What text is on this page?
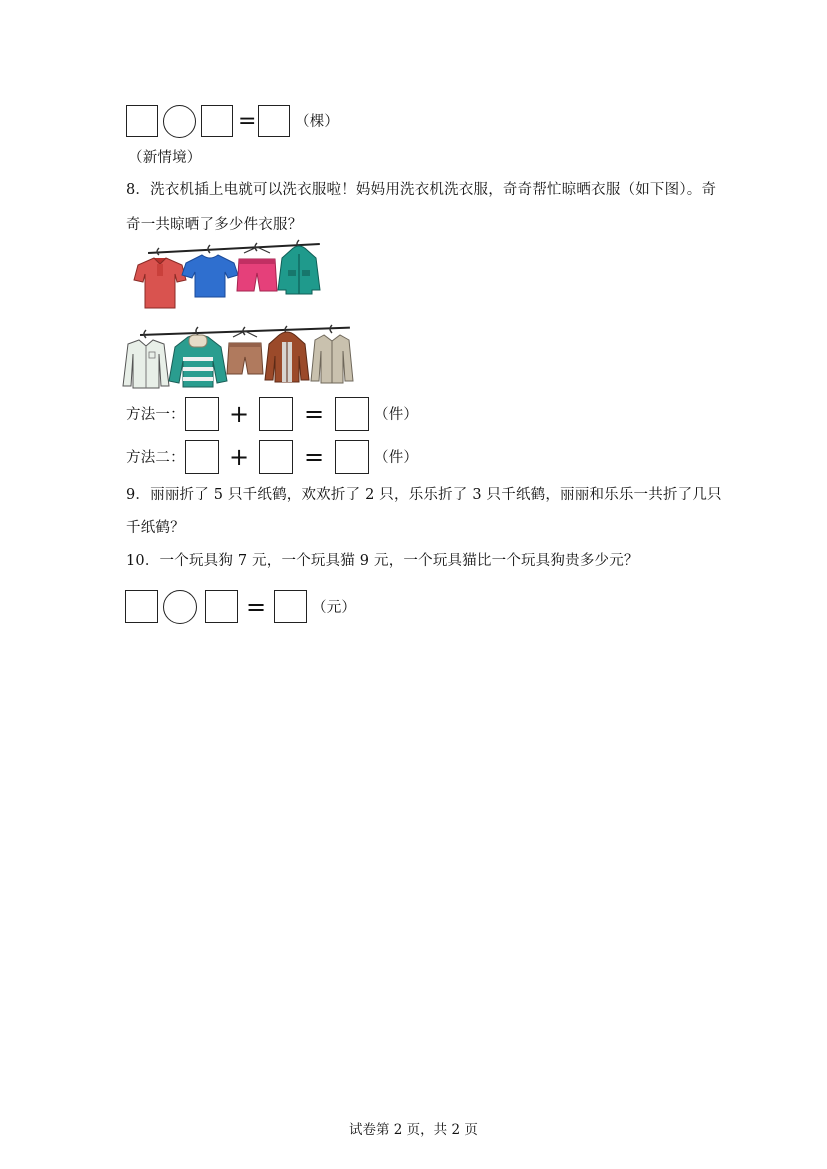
=	（棵）
（新情境）
8．洗衣机插上电就可以洗衣服啦！妈妈用洗衣机洗衣服，奇奇帮忙晾晒衣服（如下图）。奇
奇一共晾晒了多少件衣服？
方法一： + =	（件）
方法二： + =	（件）
9．丽丽折了 5 只千纸鹤，欢欢折了 2 只，乐乐折了 3 只千纸鹤，丽丽和乐乐一共折了几只
千纸鹤？
10．一个玩具狗 7 元，一个玩具猫 9 元，一个玩具猫比一个玩具狗贵多少元？
=	（元）
试卷第 2 页，共 2 页
